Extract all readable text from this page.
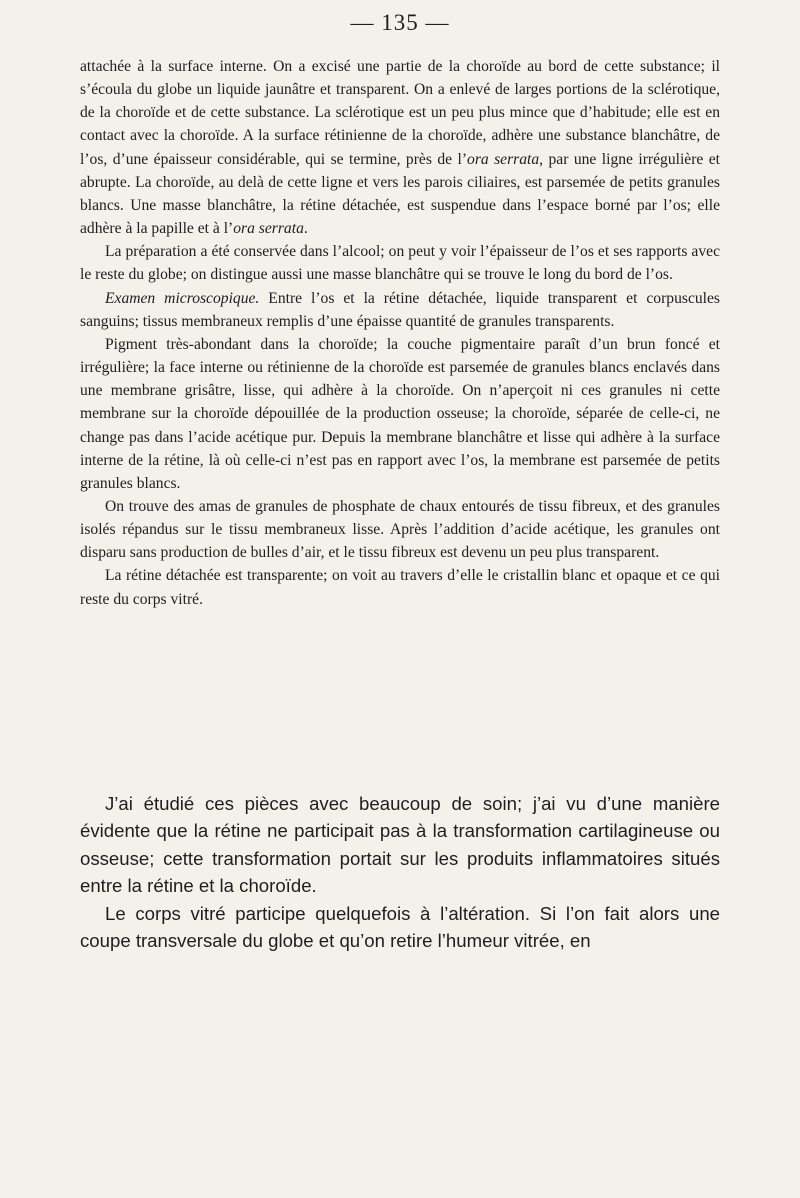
— 135 —

attachée à la surface interne. On a excisé une partie de la choroïde au bord de cette substance; il s’écoula du globe un liquide jaunâtre et transparent. On a enlevé de larges portions de la sclérotique, de la choroïde et de cette substance. La sclérotique est un peu plus mince que d’habitude; elle est en contact avec la choroïde. A la surface rétinienne de la choroïde, adhère une substance blanchâtre, de l’os, d’une épaisseur considérable, qui se termine, près de l’ora serrata, par une ligne irrégulière et abrupte. La choroïde, au delà de cette ligne et vers les parois ciliaires, est parsemée de petits granules blancs. Une masse blanchâtre, la rétine détachée, est suspendue dans l’espace borné par l’os; elle adhère à la papille et à l’ora serrata.

La préparation a été conservée dans l’alcool; on peut y voir l’épaisseur de l’os et ses rapports avec le reste du globe; on distingue aussi une masse blanchâtre qui se trouve le long du bord de l’os.

Examen microscopique. Entre l’os et la rétine détachée, liquide transparent et corpuscules sanguins; tissus membraneux remplis d’une épaisse quantité de granules transparents.

Pigment très-abondant dans la choroïde; la couche pigmentaire paraît d’un brun foncé et irrégulière; la face interne ou rétinienne de la choroïde est parsemée de granules blancs enclavés dans une membrane grisâtre, lisse, qui adhère à la choroïde. On n’aperçoit ni ces granules ni cette membrane sur la choroïde dépouillée de la production osseuse; la choroïde, séparée de celle-ci, ne change pas dans l’acide acétique pur. Depuis la membrane blanchâtre et lisse qui adhère à la surface interne de la rétine, là où celle-ci n’est pas en rapport avec l’os, la membrane est parsemée de petits granules blancs.

On trouve des amas de granules de phosphate de chaux entourés de tissu fibreux, et des granules isolés répandus sur le tissu membraneux lisse. Après l’addition d’acide acétique, les granules ont disparu sans production de bulles d’air, et le tissu fibreux est devenu un peu plus transparent.

La rétine détachée est transparente; on voit au travers d’elle le cristallin blanc et opaque et ce qui reste du corps vitré.

J’ai étudié ces pièces avec beaucoup de soin; j’ai vu d’une manière évidente que la rétine ne participait pas à la transformation cartilagineuse ou osseuse; cette transformation portait sur les produits inflammatoires situés entre la rétine et la choroïde.

Le corps vitré participe quelquefois à l’altération. Si l’on fait alors une coupe transversale du globe et qu’on retire l’humeur vitrée, en
